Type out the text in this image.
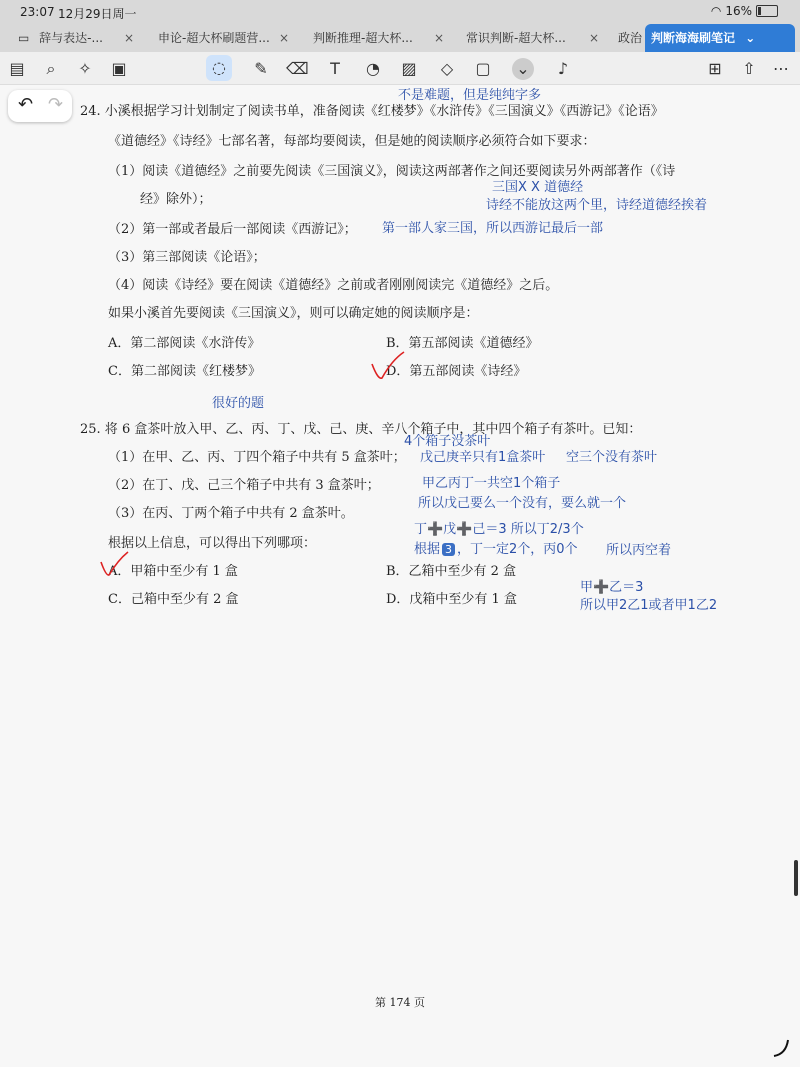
23:07 12月29日周一	◠ 16%
▭ 辞与表达-... ×	申论-超大杯刷题营... ×	判断推理-超大杯... ×	常识判断-超大杯... ×	政治 判断海海刷笔记 ⌄
▤	⌕	✧ ▣	◌	✎ ⌫	T	◔ ▨	◇	▢ ⌄	♪	⊞ ⇧ ⋯
↶ ↷ 24. 小溪根据学习计划制定了阅读书单，准备阅读《红楼梦》《水浒传》《三国演义》《西游记》《论语》
《道德经》《诗经》七部名著，每部均要阅读，但是她的阅读顺序必须符合如下要求：
（1）阅读《道德经》之前要先阅读《三国演义》，阅读这两部著作之间还要阅读另外两部著作（《诗
经》除外）；
（2）第一部或者最后一部阅读《西游记》；
（3）第三部阅读《论语》；
（4）阅读《诗经》要在阅读《道德经》之前或者刚刚阅读完《道德经》之后。
如果小溪首先要阅读《三国演义》，则可以确定她的阅读顺序是：
A．第二部阅读《水浒传》	B．第五部阅读《道德经》
C．第二部阅读《红楼梦》	D．第五部阅读《诗经》
25. 将 6 盒茶叶放入甲、乙、丙、丁、戊、己、庚、辛八个箱子中，其中四个箱子有茶叶。已知：
（1）在甲、乙、丙、丁四个箱子中共有 5 盒茶叶；
（2）在丁、戊、己三个箱子中共有 3 盒茶叶；
（3）在丙、丁两个箱子中共有 2 盒茶叶。
根据以上信息，可以得出下列哪项：
A．甲箱中至少有 1 盒	B．乙箱中至少有 2 盒
C．己箱中至少有 2 盒	D．戊箱中至少有 1 盒
不是难题，但是纯纯字多
三国X X 道德经
诗经不能放这两个里，诗经道德经挨着
第一部人家三国，所以西游记最后一部
很好的题
4个箱子没茶叶
戊己庚辛只有1盒茶叶 空三个没有茶叶
甲乙丙丁一共空1个箱子
所以戊己要么一个没有，要么就一个
丁➕戊➕己＝3 所以丁2/3个
根据 3 ，丁一定2个，丙0个 所以丙空着
甲➕乙＝3
所以甲2乙1或者甲1乙2
第 174 页
